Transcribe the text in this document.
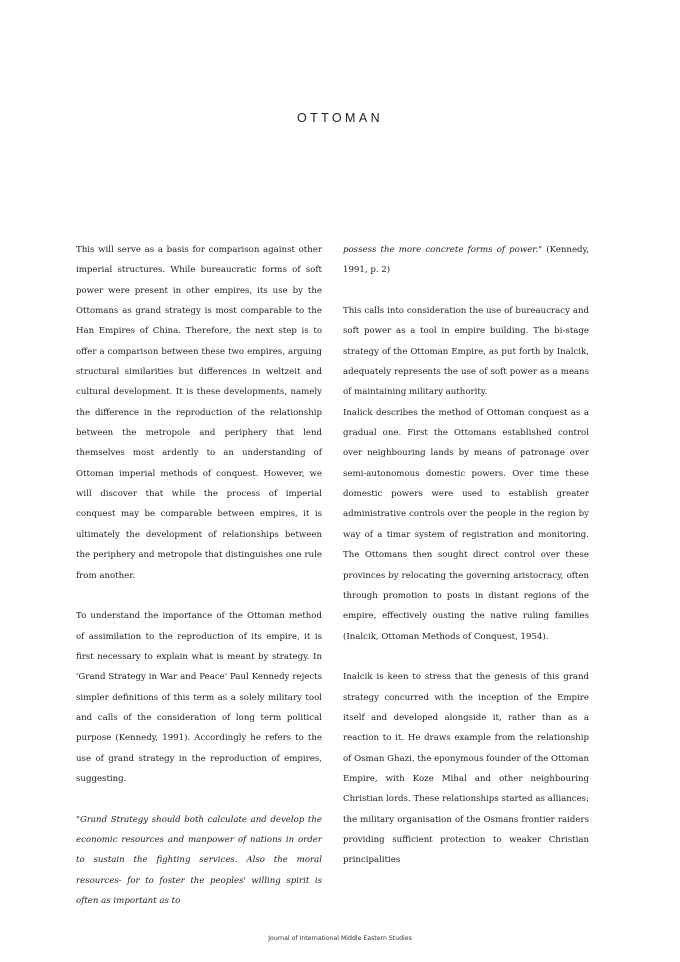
OTTOMAN

This will serve as a basis for comparison against other imperial structures. While bureaucratic forms of soft power were present in other empires, its use by the Ottomans as grand strategy is most comparable to the Han Empires of China. Therefore, the next step is to offer a comparison between these two empires, arguing structural similarities but differences in weltzeit and cultural development. It is these developments, namely the difference in the reproduction of the relationship between the metropole and periphery that lend themselves most ardently to an understanding of Ottoman imperial methods of conquest. However, we will discover that while the process of imperial conquest may be comparable between empires, it is ultimately the development of relationships between the periphery and metropole that distinguishes one rule from another.

To understand the importance of the Ottoman method of assimilation to the reproduction of its empire, it is first necessary to explain what is meant by strategy. In 'Grand Strategy in War and Peace' Paul Kennedy rejects simpler definitions of this term as a solely military tool and calls of the consideration of long term political purpose (Kennedy, 1991). Accordingly he refers to the use of grand strategy in the reproduction of empires, suggesting.

"Grand Strategy should both calculate and develop the economic resources and manpower of nations in order to sustain the fighting services. Also the moral resources- for to foster the peoples' willing spirit is often as important as to

possess the more concrete forms of power." (Kennedy, 1991, p. 2)

This calls into consideration the use of bureaucracy and soft power as a tool in empire building. The bi-stage strategy of the Ottoman Empire, as put forth by Inalcik, adequately represents the use of soft power as a means of maintaining military authority.

Inalick describes the method of Ottoman conquest as a gradual one. First the Ottomans established control over neighbouring lands by means of patronage over semi-autonomous domestic powers. Over time these domestic powers were used to establish greater administrative controls over the people in the region by way of a timar system of registration and monitoring. The Ottomans then sought direct control over these provinces by relocating the governing aristocracy, often through promotion to posts in distant regions of the empire, effectively ousting the native ruling families (Inalcik, Ottoman Methods of Conquest, 1954).

Inalcik is keen to stress that the genesis of this grand strategy concurred with the inception of the Empire itself and developed alongside it, rather than as a reaction to it. He draws example from the relationship of Osman Ghazi, the eponymous founder of the Ottoman Empire, with Koze Mihal and other neighbouring Christian lords. These relationships started as alliances; the military organisation of the Osmans frontier raiders providing sufficient protection to weaker Christian principalities

Journal of International Middle Eastern Studies
